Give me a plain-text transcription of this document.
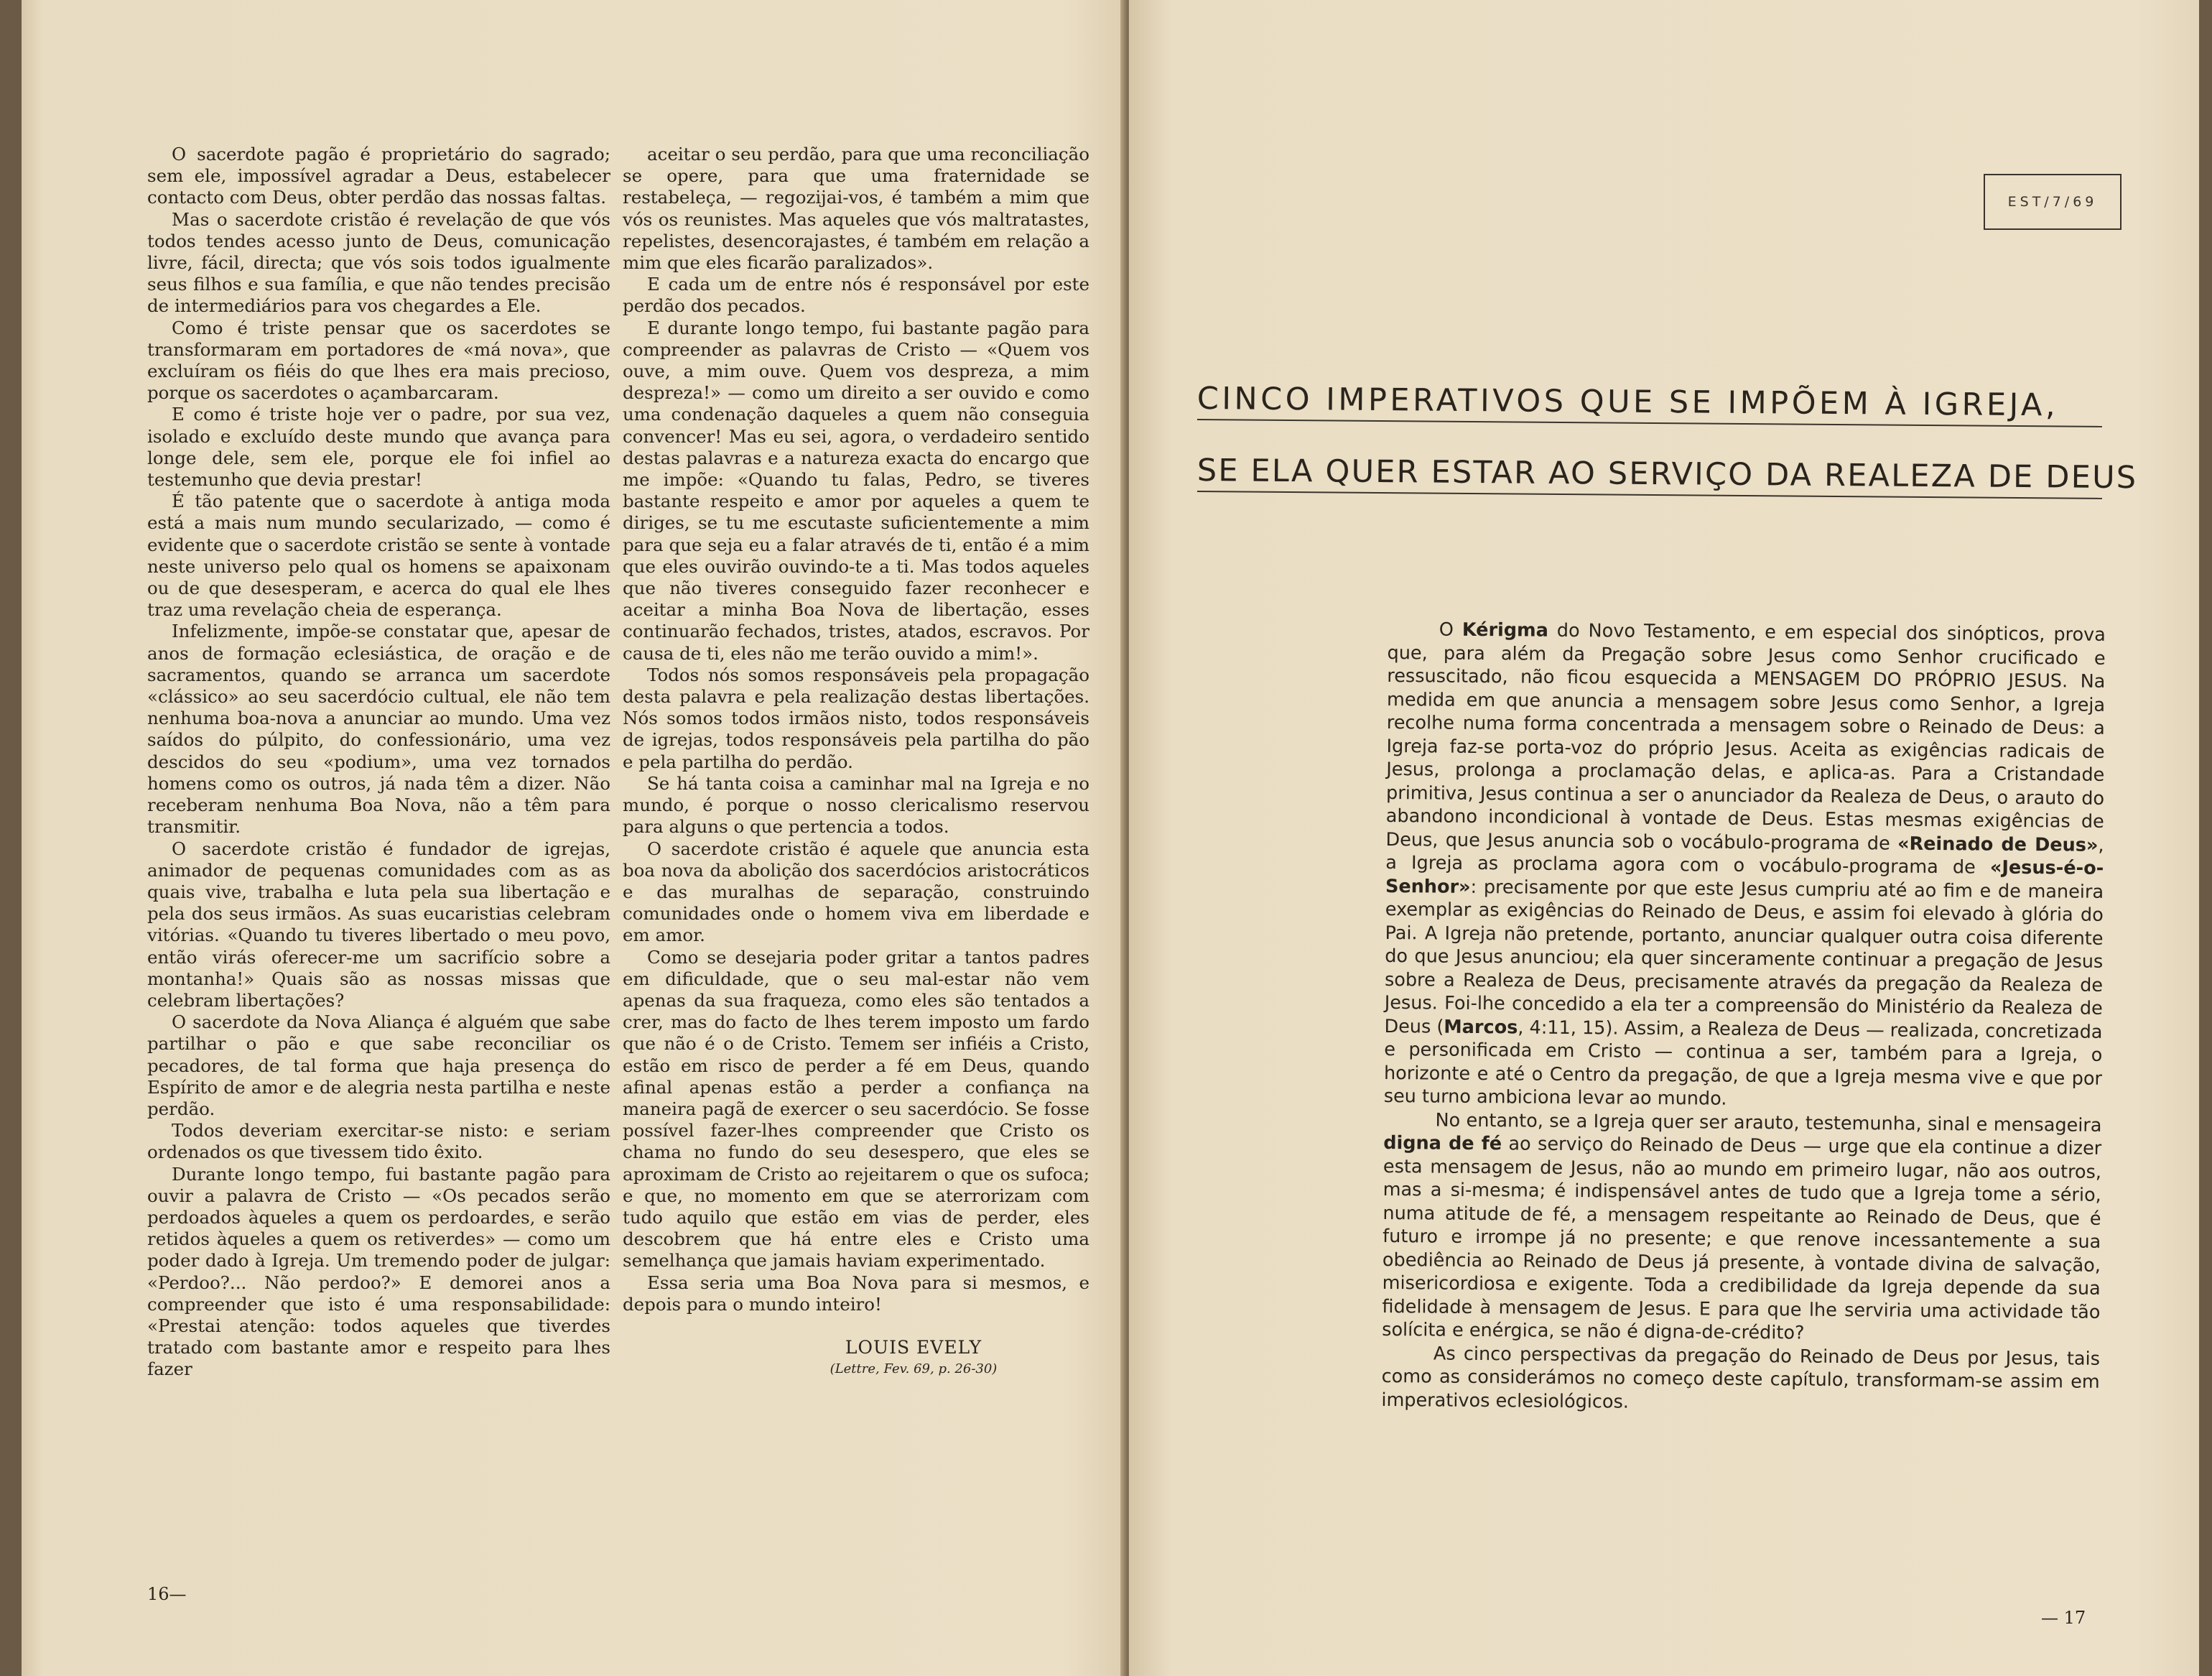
O sacerdote pagão é proprietário do sagrado; sem ele, impossível agradar a Deus, estabelecer contacto com Deus, obter perdão das nossas faltas.

Mas o sacerdote cristão é revelação de que vós todos tendes acesso junto de Deus, comunicação livre, fácil, directa; que vós sois todos igualmente seus filhos e sua família, e que não tendes precisão de intermediários para vos chegardes a Ele.

Como é triste pensar que os sacerdotes se transformaram em portadores de «má nova», que excluíram os fiéis do que lhes era mais precioso, porque os sacerdotes o açambarcaram.

E como é triste hoje ver o padre, por sua vez, isolado e excluído deste mundo que avança para longe dele, sem ele, porque ele foi infiel ao testemunho que devia prestar!

É tão patente que o sacerdote à antiga moda está a mais num mundo secularizado, — como é evidente que o sacerdote cristão se sente à vontade neste universo pelo qual os homens se apaixonam ou de que desesperam, e acerca do qual ele lhes traz uma revelação cheia de esperança.

Infelizmente, impõe-se constatar que, apesar de anos de formação eclesiástica, de oração e de sacramentos, quando se arranca um sacerdote «clássico» ao seu sacerdócio cultual, ele não tem nenhuma boa-nova a anunciar ao mundo. Uma vez saídos do púlpito, do confessionário, uma vez descidos do seu «podium», uma vez tornados homens como os outros, já nada têm a dizer. Não receberam nenhuma Boa Nova, não a têm para transmitir.

O sacerdote cristão é fundador de igrejas, animador de pequenas comunidades com as as quais vive, trabalha e luta pela sua libertação e pela dos seus irmãos. As suas eucaristias celebram vitórias. «Quando tu tiveres libertado o meu povo, então virás oferecer-me um sacrifício sobre a montanha!» Quais são as nossas missas que celebram libertações?

O sacerdote da Nova Aliança é alguém que sabe partilhar o pão e que sabe reconciliar os pecadores, de tal forma que haja presença do Espírito de amor e de alegria nesta partilha e neste perdão.

Todos deveriam exercitar-se nisto: e seriam ordenados os que tivessem tido êxito.

Durante longo tempo, fui bastante pagão para ouvir a palavra de Cristo — «Os pecados serão perdoados àqueles a quem os perdoardes, e serão retidos àqueles a quem os retiverdes» — como um poder dado à Igreja. Um tremendo poder de julgar: «Perdoo?... Não perdoo?» E demorei anos a compreender que isto é uma responsabilidade: «Prestai atenção: todos aqueles que tiverdes tratado com bastante amor e respeito para lhes fazer

aceitar o seu perdão, para que uma reconciliação se opere, para que uma fraternidade se restabeleça, — regozijai-vos, é também a mim que vós os reunistes. Mas aqueles que vós maltratastes, repelistes, desencorajastes, é também em relação a mim que eles ficarão paralizados».

E cada um de entre nós é responsável por este perdão dos pecados.

E durante longo tempo, fui bastante pagão para compreender as palavras de Cristo — «Quem vos ouve, a mim ouve. Quem vos despreza, a mim despreza!» — como um direito a ser ouvido e como uma condenação daqueles a quem não conseguia convencer! Mas eu sei, agora, o verdadeiro sentido destas palavras e a natureza exacta do encargo que me impõe: «Quando tu falas, Pedro, se tiveres bastante respeito e amor por aqueles a quem te diriges, se tu me escutaste suficientemente a mim para que seja eu a falar através de ti, então é a mim que eles ouvirão ouvindo-te a ti. Mas todos aqueles que não tiveres conseguido fazer reconhecer e aceitar a minha Boa Nova de libertação, esses continuarão fechados, tristes, atados, escravos. Por causa de ti, eles não me terão ouvido a mim!».

Todos nós somos responsáveis pela propagação desta palavra e pela realização destas libertações. Nós somos todos irmãos nisto, todos responsáveis de igrejas, todos responsáveis pela partilha do pão e pela partilha do perdão.

Se há tanta coisa a caminhar mal na Igreja e no mundo, é porque o nosso clericalismo reservou para alguns o que pertencia a todos.

O sacerdote cristão é aquele que anuncia esta boa nova da abolição dos sacerdócios aristocráticos e das muralhas de separação, construindo comunidades onde o homem viva em liberdade e em amor.

Como se desejaria poder gritar a tantos padres em dificuldade, que o seu mal-estar não vem apenas da sua fraqueza, como eles são tentados a crer, mas do facto de lhes terem imposto um fardo que não é o de Cristo. Temem ser infiéis a Cristo, estão em risco de perder a fé em Deus, quando afinal apenas estão a perder a confiança na maneira pagã de exercer o seu sacerdócio. Se fosse possível fazer-lhes compreender que Cristo os chama no fundo do seu desespero, que eles se aproximam de Cristo ao rejeitarem o que os sufoca; e que, no momento em que se aterrorizam com tudo aquilo que estão em vias de perder, eles descobrem que há entre eles e Cristo uma semelhança que jamais haviam experimentado.

Essa seria uma Boa Nova para si mesmos, e depois para o mundo inteiro!

LOUIS EVELY
(Lettre, Fev. 69, p. 26-30)
16—
EST/7/69
CINCO IMPERATIVOS QUE SE IMPÕEM À IGREJA,
SE ELA QUER ESTAR AO SERVIÇO DA REALEZA DE DEUS

O Kérigma do Novo Testamento, e em especial dos sinópticos, prova que, para além da Pregação sobre Jesus como Senhor crucificado e ressuscitado, não ficou esquecida a MENSAGEM DO PRÓPRIO JESUS. Na medida em que anuncia a mensagem sobre Jesus como Senhor, a Igreja recolhe numa forma concentrada a mensagem sobre o Reinado de Deus: a Igreja faz-se porta-voz do próprio Jesus. Aceita as exigências radicais de Jesus, prolonga a proclamação delas, e aplica-as. Para a Cristandade primitiva, Jesus continua a ser o anunciador da Realeza de Deus, o arauto do abandono incondicional à vontade de Deus. Estas mesmas exigências de Deus, que Jesus anuncia sob o vocábulo-programa de «Reinado de Deus», a Igreja as proclama agora com o vocábulo-programa de «Jesus-é-o-Senhor»: precisamente por que este Jesus cumpriu até ao fim e de maneira exemplar as exigências do Reinado de Deus, e assim foi elevado à glória do Pai. A Igreja não pretende, portanto, anunciar qualquer outra coisa diferente do que Jesus anunciou; ela quer sinceramente continuar a pregação de Jesus sobre a Realeza de Deus, precisamente através da pregação da Realeza de Jesus. Foi-lhe concedido a ela ter a compreensão do Ministério da Realeza de Deus (Marcos, 4:11, 15). Assim, a Realeza de Deus — realizada, concretizada e personificada em Cristo — continua a ser, também para a Igreja, o horizonte e até o Centro da pregação, de que a Igreja mesma vive e que por seu turno ambiciona levar ao mundo.

No entanto, se a Igreja quer ser arauto, testemunha, sinal e mensageira digna de fé ao serviço do Reinado de Deus — urge que ela continue a dizer esta mensagem de Jesus, não ao mundo em primeiro lugar, não aos outros, mas a si-mesma; é indispensável antes de tudo que a Igreja tome a sério, numa atitude de fé, a mensagem respeitante ao Reinado de Deus, que é futuro e irrompe já no presente; e que renove incessantemente a sua obediência ao Reinado de Deus já presente, à vontade divina de salvação, misericordiosa e exigente. Toda a credibilidade da Igreja depende da sua fidelidade à mensagem de Jesus. E para que lhe serviria uma actividade tão solícita e enérgica, se não é digna-de-crédito?

As cinco perspectivas da pregação do Reinado de Deus por Jesus, tais como as considerámos no começo deste capítulo, transformam-se assim em imperativos eclesiológicos.

— 17
